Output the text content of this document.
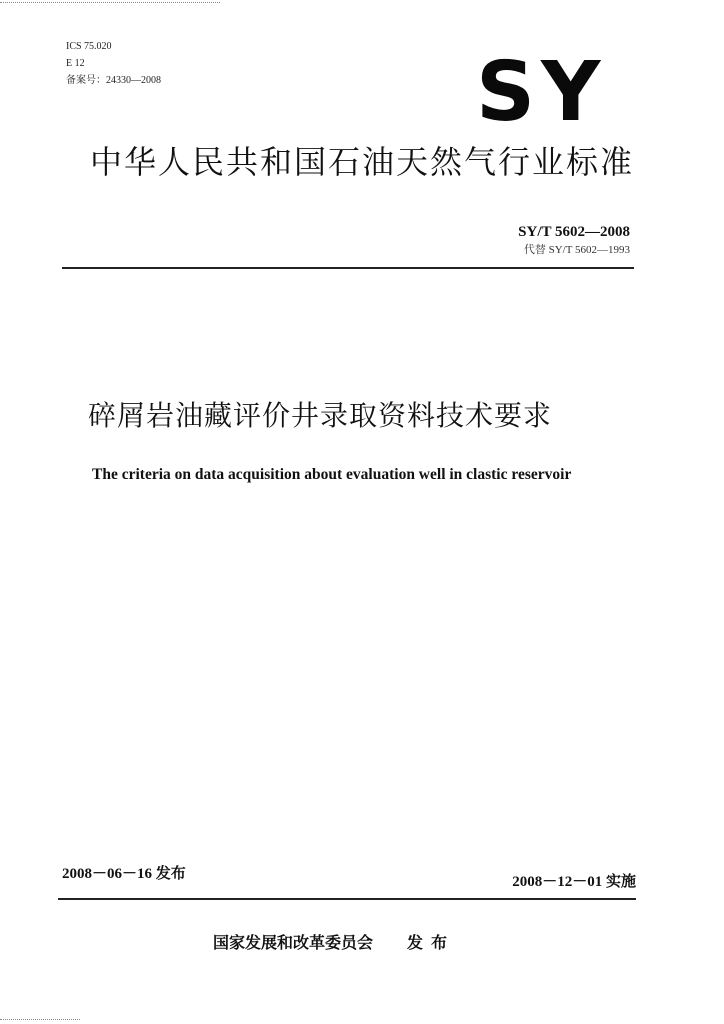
ICS 75.020
E 12
备案号：24330—2008	SY
中华人民共和国石油天然气行业标准
SY/T 5602—2008
代替 SY/T 5602—1993
碎屑岩油藏评价井录取资料技术要求
The criteria on data acquisition about evaluation well in clastic reservoir
2008－06－16 发布	2008－12－01 实施
国家发展和改革委员会 发布
